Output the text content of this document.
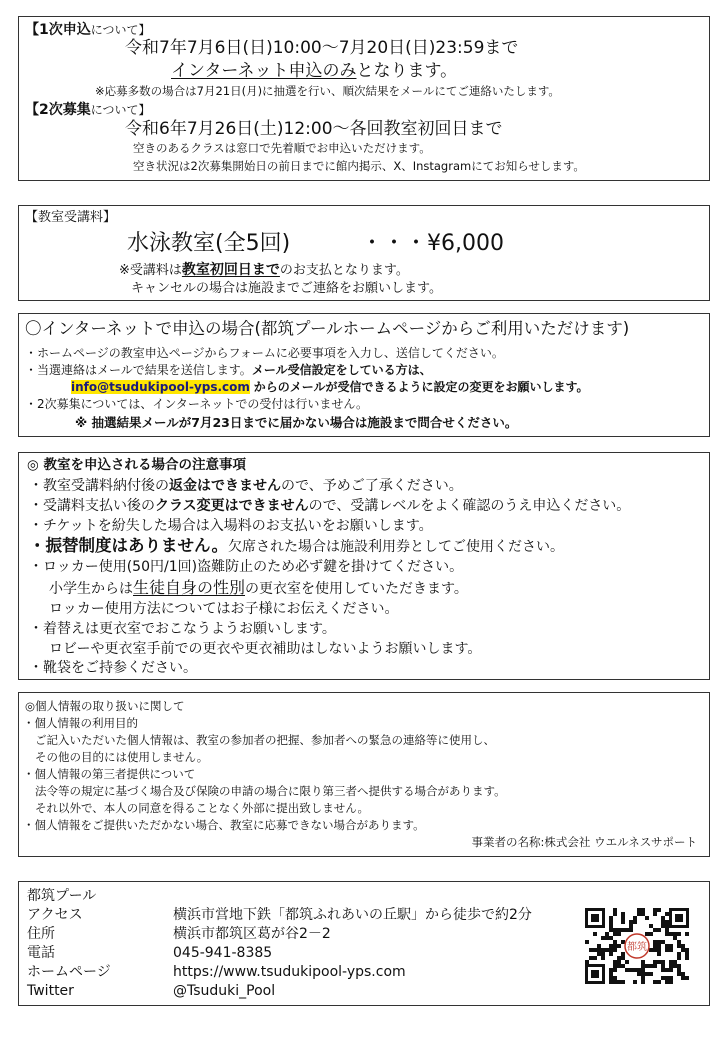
【1次申込について】
令和7年7月6日(日)10:00～7月20日(日)23:59まで
インターネット申込のみとなります。
※応募多数の場合は7月21日(月)に抽選を行い、順次結果をメールにてご連絡いたします。
【2次募集について】
令和6年7月26日(土)12:00～各回教室初回日まで
空きのあるクラスは窓口で先着順でお申込いただけます。
空き状況は2次募集開始日の前日までに館内掲示、X、Instagramにてお知らせします。
【教室受講料】
水泳教室(全5回)	・・・¥6,000
※受講料は教室初回日までのお支払となります。
キャンセルの場合は施設までご連絡をお願いします。
〇インターネットで申込の場合(都筑プールホームページからご利用いただけます)
・ホームページの教室申込ページからフォームに必要事項を入力し、送信してください。
・当選連絡はメールで結果を送信します。メール受信設定をしている方は、
info@tsudukipool-yps.com からのメールが受信できるように設定の変更をお願いします。
・2次募集については、インターネットでの受付は行いません。
※ 抽選結果メールが7月23日までに届かない場合は施設まで問合せください。
◎ 教室を申込される場合の注意事項
・教室受講料納付後の返金はできませんので、予めご了承ください。
・受講料支払い後のクラス変更はできませんので、受講レベルをよく確認のうえ申込ください。
・チケットを紛失した場合は入場料のお支払いをお願いします。
・振替制度はありません。欠席された場合は施設利用券としてご使用ください。
・ロッカー使用(50円/1回)盗難防止のため必ず鍵を掛けてください。
小学生からは生徒自身の性別の更衣室を使用していただきます。
ロッカー使用方法についてはお子様にお伝えください。
・着替えは更衣室でおこなうようお願いします。
ロビーや更衣室手前での更衣や更衣補助はしないようお願いします。
・靴袋をご持参ください。
◎個人情報の取り扱いに関して
・個人情報の利用目的
ご記入いただいた個人情報は、教室の参加者の把握、参加者への緊急の連絡等に使用し、
その他の目的には使用しません。
・個人情報の第三者提供について
法令等の規定に基づく場合及び保険の申請の場合に限り第三者へ提供する場合があります。
それ以外で、本人の同意を得ることなく外部に提出致しません。
・個人情報をご提供いただかない場合、教室に応募できない場合があります。
事業者の名称:株式会社 ウエルネスサポート
都筑プール
アクセス	横浜市営地下鉄「都筑ふれあいの丘駅」から徒歩で約2分
住所	横浜市都筑区葛が谷2－2
電話	045-941-8385
ホームページ	https://www.tsudukipool-yps.com
Twitter	@Tsuduki_Pool
都筑
